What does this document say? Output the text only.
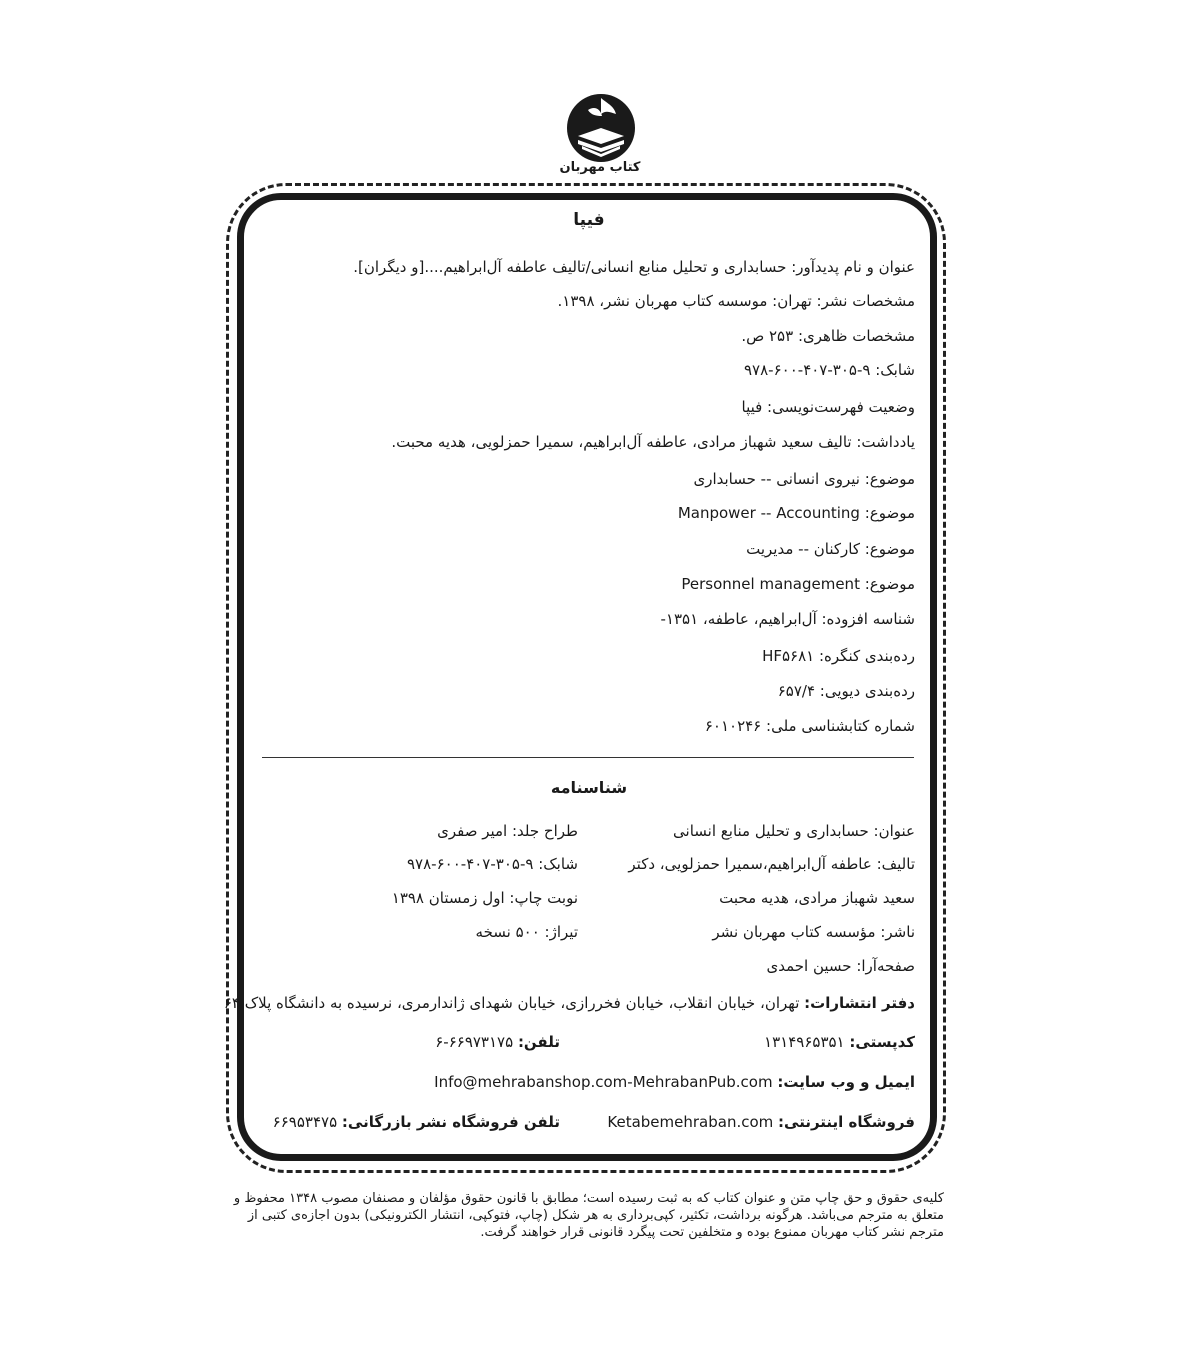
کتاب مهربان
فیپا
عنوان و نام پدیدآور: حسابداری و تحلیل منابع انسانی/تالیف عاطفه آل‌ابراهیم....[و دیگران].
مشخصات نشر: تهران: موسسه کتاب مهربان نشر، ۱۳۹۸.
مشخصات ظاهری: ۲۵۳ ص.
شابک: ۹-۳۰۵-۴۰۷-۶۰۰-۹۷۸
وضعیت فهرست‌نویسی: فیپا
یادداشت: تالیف سعید شهباز مرادی، عاطفه آل‌ابراهیم، سمیرا حمزلویی، هدیه محبت.
موضوع: نیروی انسانی -- حسابداری
موضوع: Manpower -- Accounting
موضوع: کارکنان -- مدیریت
موضوع: Personnel management
شناسه افزوده: آل‌ابراهیم، عاطفه، ۱۳۵۱-
رده‌بندی کنگره: HF۵۶۸۱
رده‌بندی دیویی: ۶۵۷/۴
شماره کتابشناسی ملی: ۶۰۱۰۲۴۶
شناسنامه
عنوان: حسابداری و تحلیل منابع انسانی
تالیف: عاطفه آل‌ابراهیم،سمیرا حمزلویی، دکتر
سعید شهباز مرادی، هدیه محبت
ناشر: مؤسسه کتاب مهربان نشر
صفحه‌آرا: حسین احمدی
طراح جلد: امیر صفری
شابک: ۹-۳۰۵-۴۰۷-۶۰۰-۹۷۸
نوبت چاپ: اول زمستان ۱۳۹۸
تیراژ: ۵۰۰ نسخه
دفتر انتشارات: تهران، خیابان انقلاب، خیابان فخررازی، خیابان شهدای ژاندارمری، نرسیده به دانشگاه پلاک ۶۴
کدپستی: ۱۳۱۴۹۶۵۳۵۱
تلفن: ۶۶۹۷۳۱۷۵-۶
ایمیل و وب سایت: Info@mehrabanshop.com-MehrabanPub.com
فروشگاه اینترنتی: Ketabemehraban.com
تلفن فروشگاه نشر بازرگانی: ۶۶۹۵۳۴۷۵
کلیه‌ی حقوق و حق چاپ متن و عنوان کتاب که به ثبت رسیده است؛ مطابق با قانون حقوق مؤلفان و مصنفان مصوب ۱۳۴۸ محفوظ و متعلق به مترجم می‌باشد. هرگونه برداشت، تکثیر، کپی‌برداری به هر شکل (چاپ، فتوکپی، انتشار الکترونیکی) بدون اجازه‌ی کتبی از مترجم نشر کتاب مهربان ممنوع بوده و متخلفین تحت پیگرد قانونی قرار خواهند گرفت.
